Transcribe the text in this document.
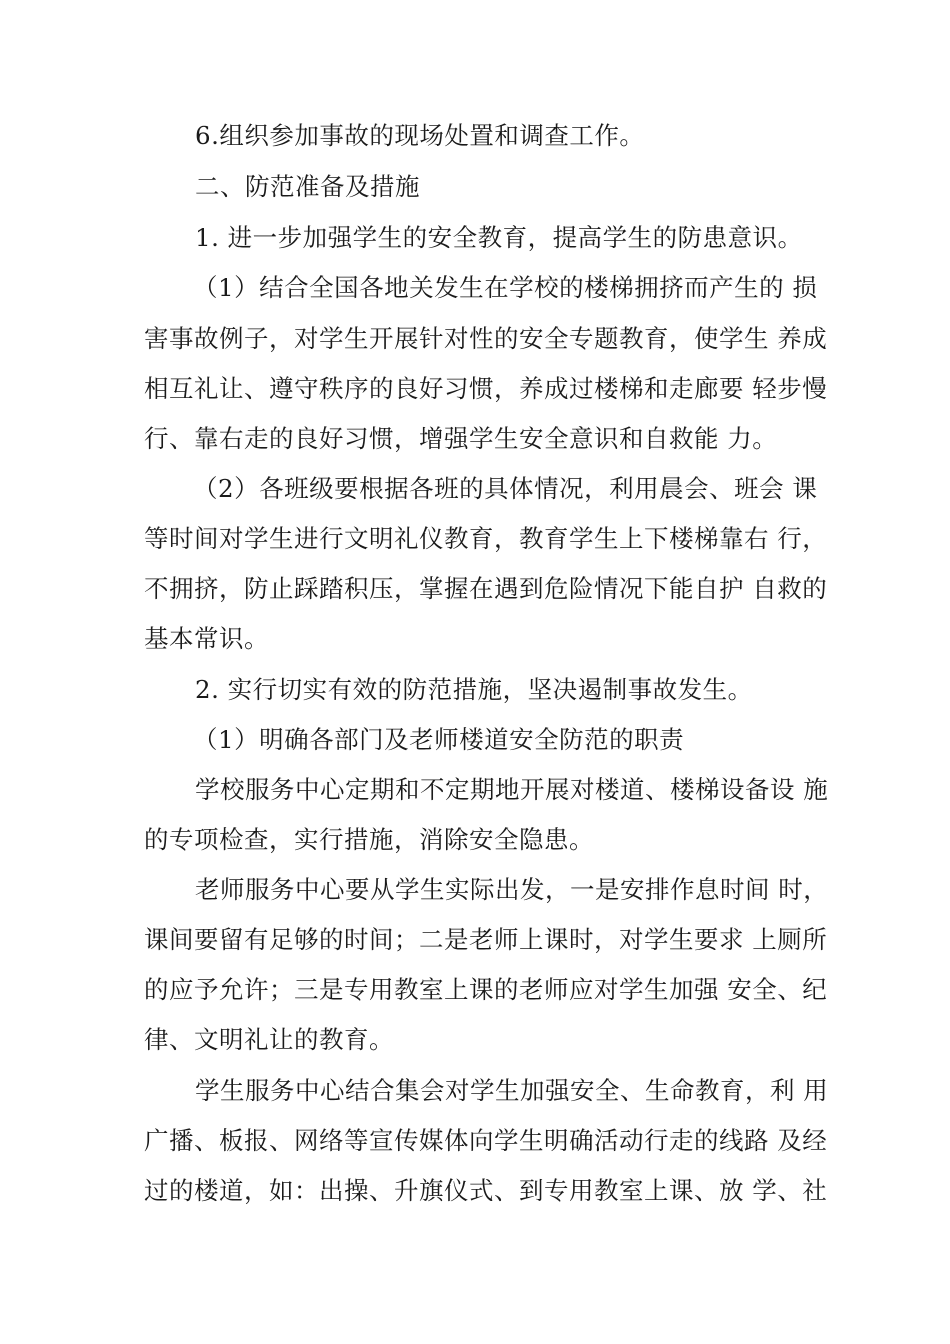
6.组织参加事故的现场处置和调查工作。

二、防范准备及措施

1. 进一步加强学生的安全教育，提高学生的防患意识。

（1）结合全国各地关发生在学校的楼梯拥挤而产生的 损

害事故例子，对学生开展针对性的安全专题教育，使学生 养成

相互礼让、遵守秩序的良好习惯，养成过楼梯和走廊要 轻步慢

行、靠右走的良好习惯，增强学生安全意识和自救能 力。

（2）各班级要根据各班的具体情况，利用晨会、班会 课

等时间对学生进行文明礼仪教育，教育学生上下楼梯靠右 行，

不拥挤，防止踩踏积压，掌握在遇到危险情况下能自护 自救的

基本常识。

2. 实行切实有效的防范措施，坚决遏制事故发生。

（1）明确各部门及老师楼道安全防范的职责

学校服务中心定期和不定期地开展对楼道、楼梯设备设 施

的专项检查，实行措施，消除安全隐患。

老师服务中心要从学生实际出发，一是安排作息时间 时，

课间要留有足够的时间；二是老师上课时，对学生要求 上厕所

的应予允许；三是专用教室上课的老师应对学生加强 安全、纪

律、文明礼让的教育。

学生服务中心结合集会对学生加强安全、生命教育，利 用

广播、板报、网络等宣传媒体向学生明确活动行走的线路 及经

过的楼道，如：出操、升旗仪式、到专用教室上课、放 学、社
